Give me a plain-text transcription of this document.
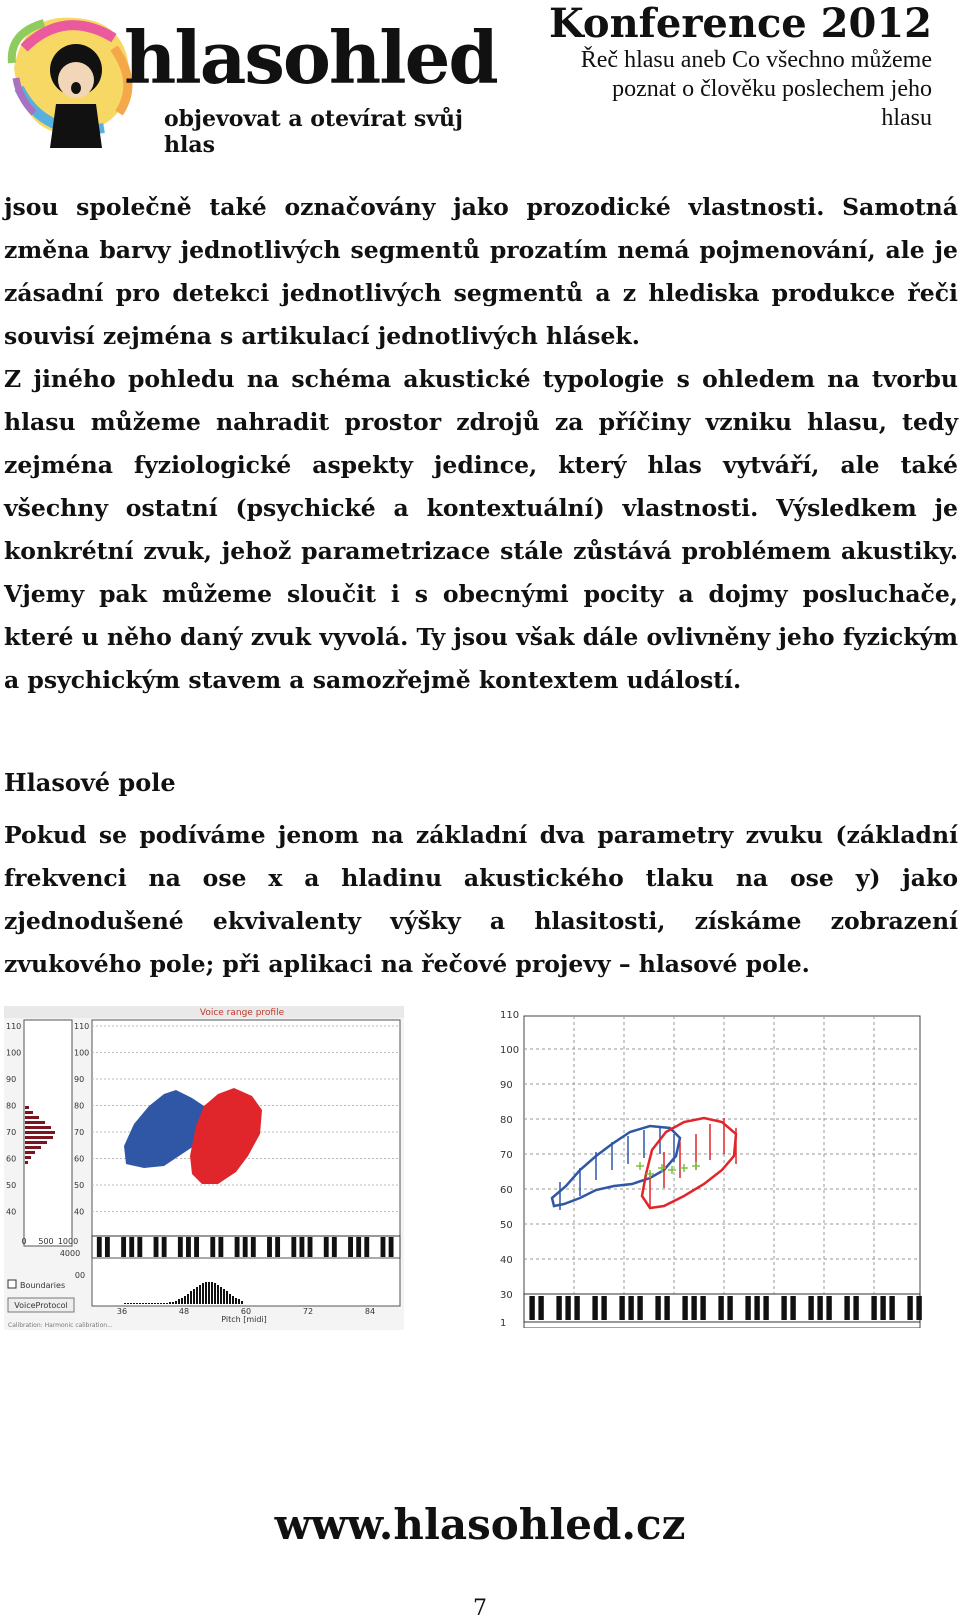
hlasohled
objevovat a otevírat svůj hlas
Konference 2012
Řeč hlasu aneb Co všechno můžeme
poznat o člověku poslechem jeho
hlasu

jsou společně také označovány jako prozodické vlastnosti. Samotná změna barvy jednotlivých segmentů prozatím nemá pojmenování, ale je zásadní pro detekci jednotlivých segmentů a z hlediska produkce řeči souvisí zejména s artikulací jednotlivých hlásek.

Z jiného pohledu na schéma akustické typologie s ohledem na tvorbu hlasu můžeme nahradit prostor zdrojů za příčiny vzniku hlasu, tedy zejména fyziologické aspekty jedince, který hlas vytváří, ale také všechny ostatní (psychické a kontextuální) vlastnosti. Výsledkem je konkrétní zvuk, jehož parametrizace stále zůstává problémem akustiky. Vjemy pak můžeme sloučit i s obecnými pocity a dojmy posluchače, které u něho daný zvuk vyvolá. Ty jsou však dále ovlivněny jeho fyzickým a psychickým stavem a samozřejmě kontextem událostí.

Hlasové pole
Pokud se podíváme jenom na základní dva parametry zvuku (základní frekvenci na ose x a hladinu akustického tlaku na ose y) jako zjednodušené ekvivalenty výšky a hlasitosti, získáme zobrazení zvukového pole; při aplikaci na řečové projevy – hlasové pole.
Voice range profile
110
100
90
80
70
60
50
40
110
100
90
80
70
60
50
40
0 500 1000
4000
00
36	48	60	72	84
Pitch [midi]
Boundaries
VoiceProtocol
Calibration: Harmonic calibration...
110
100
90
80
70
60
50
40
30
1
www.hlasohled.cz
7
